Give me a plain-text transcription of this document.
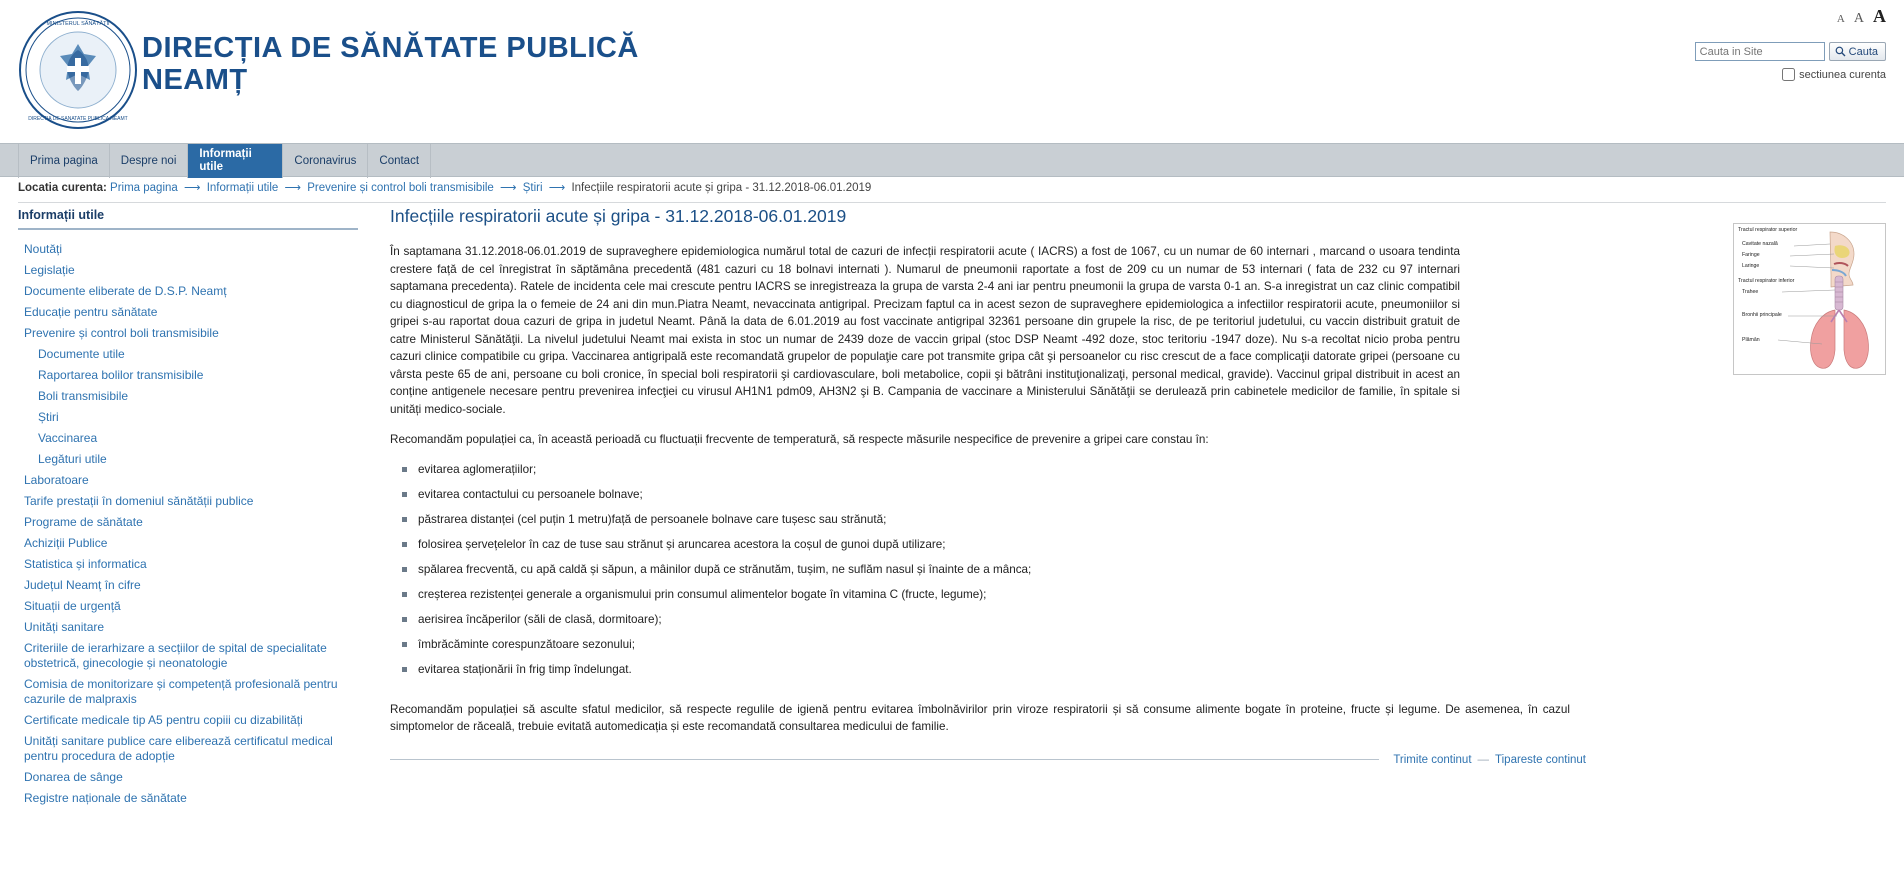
A A A
MINISTERUL SĂNĂTĂȚII
DIRECTIA DE SANATATE PUBLICA NEAMT
DIRECȚIA DE SĂNĂTATE PUBLICĂ
NEAMȚ
Cauta in Site
Cauta
sectiunea curenta
Prima pagina Despre noi
Informații utile
Coronavirus Contact
Locatia curenta: Prima pagina ⟶ Informații utile ⟶ Prevenire și control boli transmisibile ⟶ Știri ⟶ Infecțiile respiratorii acute și gripa - 31.12.2018-06.01.2019
Informații utile
Noutăți
Legislație
Documente eliberate de D.S.P. Neamț
Educație pentru sănătate
Prevenire și control boli transmisibile
Documente utile
Raportarea bolilor transmisibile
Boli transmisibile
Știri
Vaccinarea
Legături utile
Laboratoare
Tarife prestații în domeniul sănătății publice
Programe de sănătate
Achiziții Publice
Statistica și informatica
Județul Neamț în cifre
Situații de urgență
Unități sanitare
Criteriile de ierarhizare a secțiilor de spital de specialitate obstetrică, ginecologie și neonatologie
Comisia de monitorizare și competență profesională pentru cazurile de malpraxis
Certificate medicale tip A5 pentru copiii cu dizabilități
Unități sanitare publice care eliberează certificatul medical pentru procedura de adopție
Donarea de sânge
Registre naționale de sănătate
Infecțiile respiratorii acute și gripa - 31.12.2018-06.01.2019
Tractul respirator superior
Cavitate nazală
Faringe
Laringe
Tractul respirator inferior
Trahee
Bronhii principale
Plămân

În saptamana 31.12.2018-06.01.2019 de supraveghere epidemiologica numărul total de cazuri de infecții respiratorii acute ( IACRS) a fost de 1067, cu un numar de 60 internari , marcand o usoara tendinta crestere față de cel înregistrat în săptămâna precedentă (481 cazuri cu 18 bolnavi internati ). Numarul de pneumonii raportate a fost de 209 cu un numar de 53 internari ( fata de 232 cu 97 internari saptamana precedenta). Ratele de incidenta cele mai crescute pentru IACRS se inregistreaza la grupa de varsta 2-4 ani iar pentru pneumonii la grupa de varsta 0-1 an. S-a inregistrat un caz clinic compatibil cu diagnosticul de gripa la o femeie de 24 ani din mun.Piatra Neamt, nevaccinata antigripal. Precizam faptul ca in acest sezon de supraveghere epidemiologica a infectiilor respiratorii acute, pneumoniilor si gripei s-au raportat doua cazuri de gripa in judetul Neamt. Până la data de 6.01.2019 au fost vaccinate antigripal 32361 persoane din grupele la risc, de pe teritoriul judetului, cu vaccin distribuit gratuit de catre Ministerul Sănătăţii. La nivelul judetului Neamt mai exista in stoc un numar de 2439 doze de vaccin gripal (stoc DSP Neamt -492 doze, stoc teritoriu -1947 doze). Nu s-a recoltat nicio proba pentru cazuri clinice compatibile cu gripa. Vaccinarea antigripală este recomandată grupelor de populaţie care pot transmite gripa cât şi persoanelor cu risc crescut de a face complicaţii datorate gripei (persoane cu vârsta peste 65 de ani, persoane cu boli cronice, în special boli respiratorii şi cardiovasculare, boli metabolice, copii şi bătrâni instituţionalizaţi, personal medical, gravide). Vaccinul gripal distribuit in acest an conține antigenele necesare pentru prevenirea infecţiei cu virusul AH1N1 pdm09, AH3N2 şi B. Campania de vaccinare a Ministerului Sănătăţii se derulează prin cabinetele medicilor de familie, în spitale si unități medico-sociale.

Recomandăm populației ca, în această perioadă cu fluctuații frecvente de temperatură, să respecte măsurile nespecifice de prevenire a gripei care constau în:

evitarea aglomerațiilor;
evitarea contactului cu persoanele bolnave;
păstrarea distanței (cel puțin 1 metru)față de persoanele bolnave care tușesc sau strănută;
folosirea șervețelelor în caz de tuse sau strănut și aruncarea acestora la coșul de gunoi după utilizare;
spălarea frecventă, cu apă caldă și săpun, a mâinilor după ce strănutăm, tușim, ne suflăm nasul și înainte de a mânca;
creșterea rezistenței generale a organismului prin consumul alimentelor bogate în vitamina C (fructe, legume);
aerisirea încăperilor (săli de clasă, dormitoare);
îmbrăcăminte corespunzătoare sezonului;
evitarea staționării în frig timp îndelungat.

Recomandăm populației să asculte sfatul medicilor, să respecte regulile de igienă pentru evitarea îmbolnăvirilor prin viroze respiratorii și să consume alimente bogate în proteine, fructe și legume. De asemenea, în cazul simptomelor de răceală, trebuie evitată automedicația și este recomandată consultarea medicului de familie.

Trimite continut — Tipareste continut
